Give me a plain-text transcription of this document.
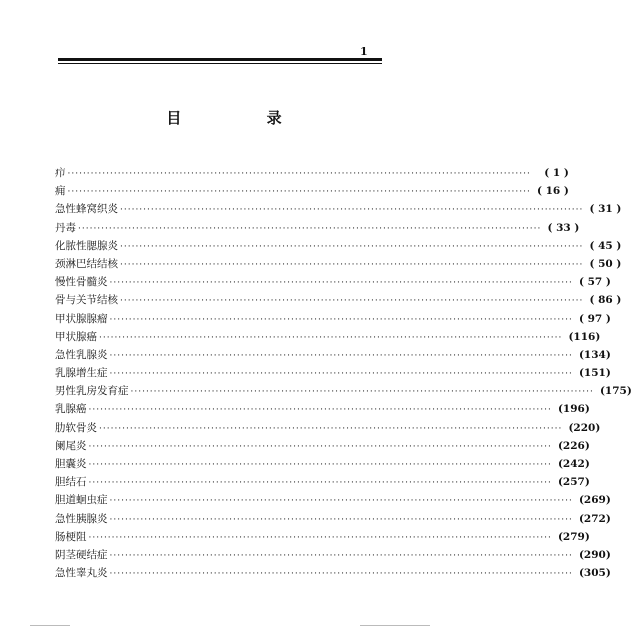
1
目 录
疖 ························································································································	( 1 )
痈 ························································································································ ( 16 )
急性蜂窝织炎 ························································································································ ( 31 )
丹毒 ························································································································ ( 33 )
化脓性腮腺炎 ························································································································ ( 45 )
颈淋巴结结核 ························································································································ ( 50 )
慢性骨髓炎 ························································································································ ( 57 )
骨与关节结核 ························································································································ ( 86 )
甲状腺腺瘤 ························································································································ ( 97 )
甲状腺癌 ························································································································ (116)
急性乳腺炎 ························································································································ (134)
乳腺增生症 ························································································································ (151)
男性乳房发育症 ························································································································ (175)
乳腺癌 ························································································································ (196)
肋软骨炎 ························································································································ (220)
阑尾炎 ························································································································ (226)
胆囊炎 ························································································································ (242)
胆结石 ························································································································ (257)
胆道蛔虫症 ························································································································ (269)
急性胰腺炎 ························································································································ (272)
肠梗阻 ························································································································ (279)
阴茎硬结症 ························································································································ (290)
急性睾丸炎 ························································································································ (305)
